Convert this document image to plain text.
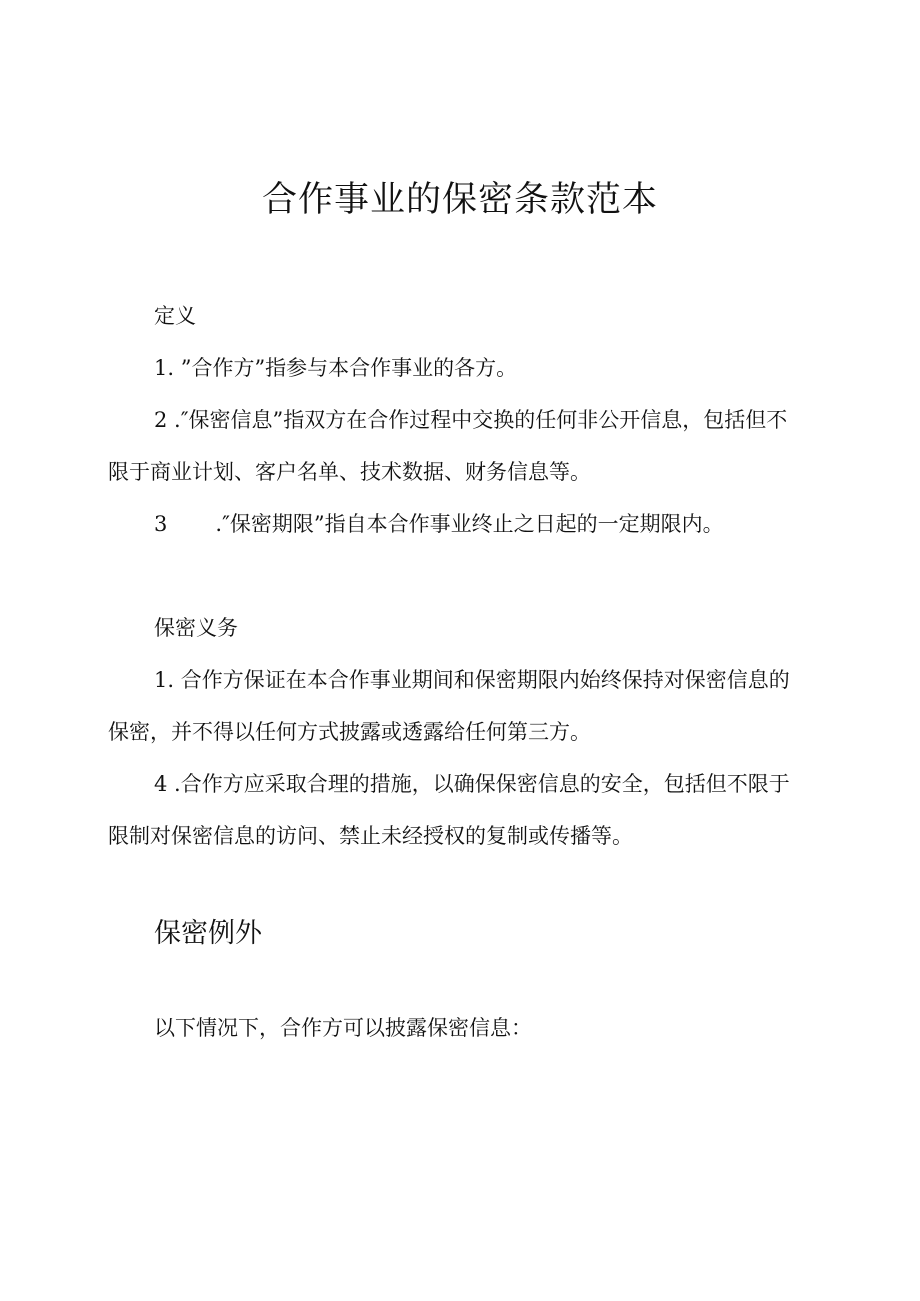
合作事业的保密条款范本

定义

1. ”合作方”指参与本合作事业的各方。

2 .″保密信息”指双方在合作过程中交换的任何非公开信息，包括但不限于商业计划、客户名单、技术数据、财务信息等。

3 .″保密期限”指自本合作事业终止之日起的一定期限内。

保密义务

1. 合作方保证在本合作事业期间和保密期限内始终保持对保密信息的保密，并不得以任何方式披露或透露给任何第三方。

4 .合作方应采取合理的措施，以确保保密信息的安全，包括但不限于限制对保密信息的访问、禁止未经授权的复制或传播等。

保密例外

以下情况下，合作方可以披露保密信息：
